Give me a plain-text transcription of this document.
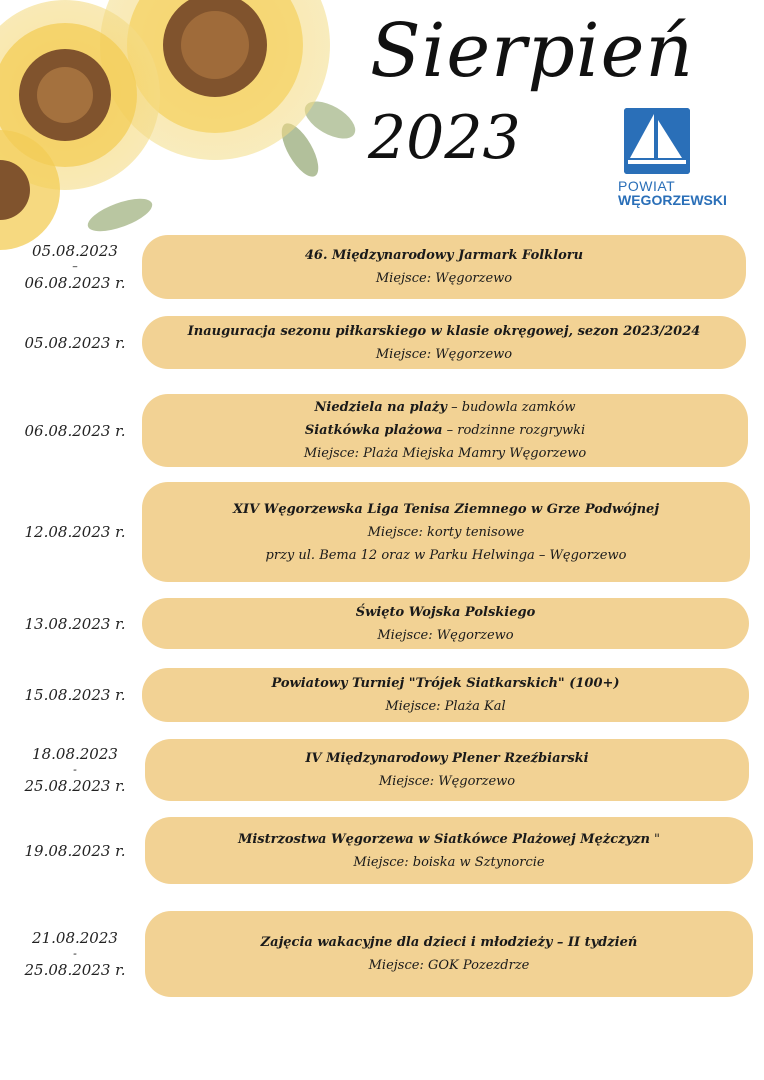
Sierpień
2023
POWIAT
WĘGORZEWSKI
46. Międzynarodowy Jarmark Folkloru
Miejsce: Węgorzewo
05.08.2023
–
06.08.2023 r.
Inauguracja sezonu piłkarskiego w klasie okręgowej, sezon 2023/2024
Miejsce: Węgorzewo
05.08.2023 r.
Niedziela na plaży – budowla zamków
Siatkówka plażowa – rodzinne rozgrywki
Miejsce: Plaża Miejska Mamry Węgorzewo
06.08.2023 r.
XIV Węgorzewska Liga Tenisa Ziemnego w Grze Podwójnej
Miejsce: korty tenisowe
przy ul. Bema 12 oraz w Parku Helwinga – Węgorzewo
12.08.2023 r.
Święto Wojska Polskiego
Miejsce: Węgorzewo
13.08.2023 r.
Powiatowy Turniej "Trójek Siatkarskich" (100+)
Miejsce: Plaża Kal
15.08.2023 r.
IV Międzynarodowy Plener Rzeźbiarski
Miejsce: Węgorzewo
18.08.2023
-
25.08.2023 r.
Mistrzostwa Węgorzewa w Siatkówce Plażowej Mężczyzn "
Miejsce: boiska w Sztynorcie
19.08.2023 r.
Zajęcia wakacyjne dla dzieci i młodzieży – II tydzień
Miejsce: GOK Pozezdrze
21.08.2023
-
25.08.2023 r.
